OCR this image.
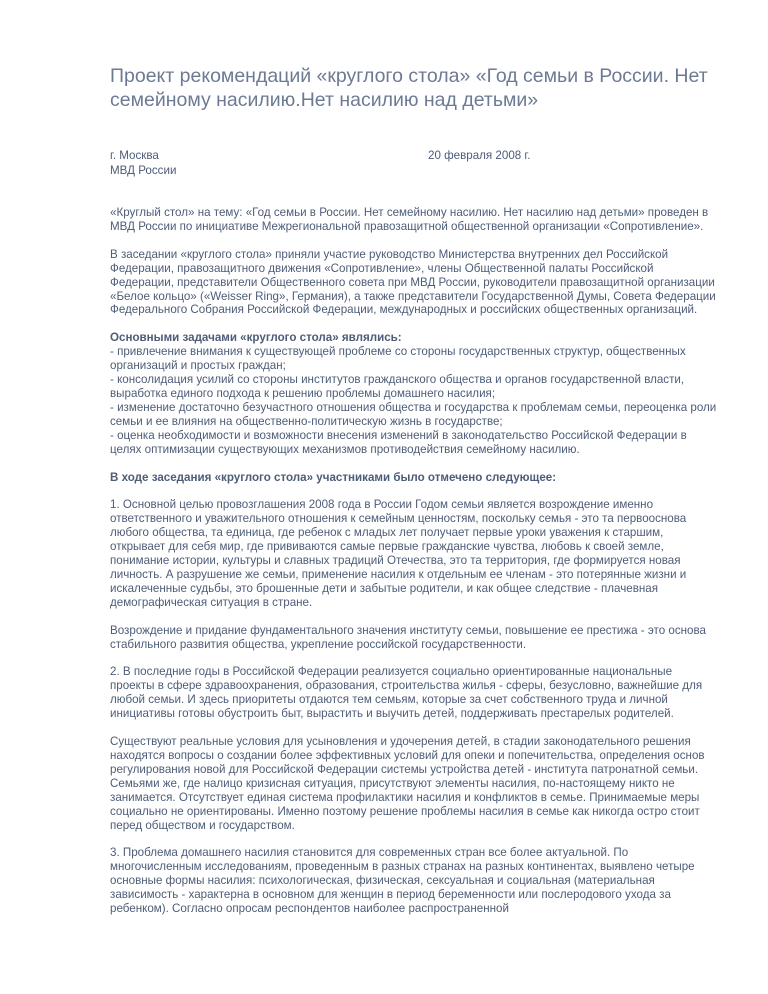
Проект рекомендаций «круглого стола» «Год семьи в России. Нет семейному насилию.Нет насилию над детьми»
г. Москва
МВД России
20 февраля 2008 г.

«Круглый стол» на тему: «Год семьи в России. Нет семейному насилию. Нет насилию над детьми» проведен в МВД России по инициативе Межрегиональной правозащитной общественной организации «Сопротивление».

В заседании «круглого стола» приняли участие руководство Министерства внутренних дел Российской Федерации, правозащитного движения «Сопротивление», члены Общественной палаты Российской Федерации, представители Общественного совета при МВД России, руководители правозащитной организации «Белое кольцо» («Weisser Ring», Германия), а также представители Государственной Думы, Совета Федерации Федерального Собрания Российской Федерации, международных и российских общественных организаций.

Основными задачами «круглого стола» являлись:

- привлечение внимания к существующей проблеме со стороны государственных структур, общественных организаций и простых граждан;
- консолидация усилий со стороны институтов гражданского общества и органов государственной власти, выработка единого подхода к решению проблемы домашнего насилия;
- изменение достаточно безучастного отношения общества и государства к проблемам семьи, переоценка роли семьи и ее влияния на общественно-политическую жизнь в государстве;
- оценка необходимости и возможности внесения изменений в законодательство Российской Федерации в целях оптимизации существующих механизмов противодействия семейному насилию.

В ходе заседания «круглого стола» участниками было отмечено следующее:

1. Основной целью провозглашения 2008 года в России Годом семьи является возрождение именно ответственного и уважительного отношения к семейным ценностям, поскольку семья - это та первооснова любого общества, та единица, где ребенок с младых лет получает первые уроки уважения к старшим, открывает для себя мир, где прививаются самые первые гражданские чувства, любовь к своей земле, понимание истории, культуры и славных традиций Отечества, это та территория, где формируется новая личность. А разрушение же семьи, применение насилия к отдельным ее членам - это потерянные жизни и искалеченные судьбы, это брошенные дети и забытые родители, и как общее следствие - плачевная демографическая ситуация в стране.

Возрождение и придание фундаментального значения институту семьи, повышение ее престижа - это основа стабильного развития общества, укрепление российской государственности.

2. В последние годы в Российской Федерации реализуется социально ориентированные национальные проекты в сфере здравоохранения, образования, строительства жилья - сферы, безусловно, важнейшие для любой семьи. И здесь приоритеты отдаются тем семьям, которые за счет собственного труда и личной инициативы готовы обустроить быт, вырастить и выучить детей, поддерживать престарелых родителей.

Существуют реальные условия для усыновления и удочерения детей, в стадии законодательного решения находятся вопросы о создании более эффективных условий для опеки и попечительства, определения основ регулирования новой для Российской Федерации системы устройства детей - института патронатной семьи. Семьями же, где налицо кризисная ситуация, присутствуют элементы насилия, по-настоящему никто не занимается. Отсутствует единая система профилактики насилия и конфликтов в семье. Принимаемые меры социально не ориентированы. Именно поэтому решение проблемы насилия в семье как никогда остро стоит перед обществом и государством.

3. Проблема домашнего насилия становится для современных стран все более актуальной. По многочисленным исследованиям, проведенным в разных странах на разных континентах, выявлено четыре основные формы насилия: психологическая, физическая, сексуальная и социальная (материальная зависимость - характерна в основном для женщин в период беременности или послеродового ухода за ребенком). Согласно опросам респондентов наиболее распространенной
